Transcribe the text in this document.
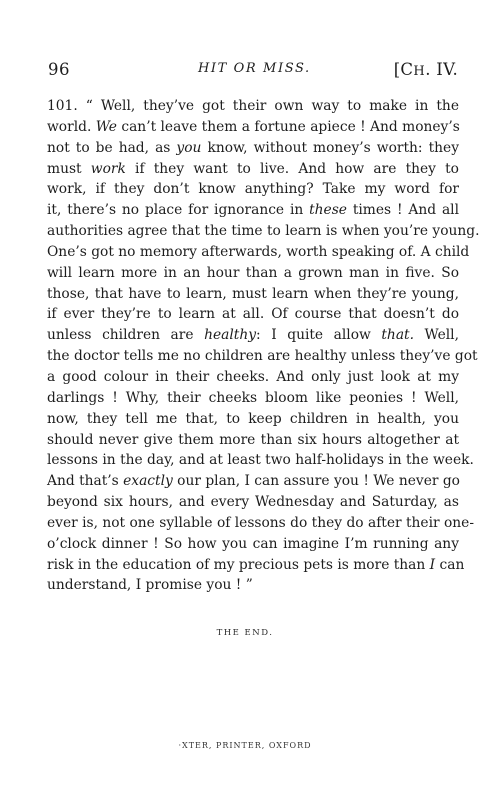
96	HIT OR MISS.	[CH. IV.
101. “ Well, they’ve got their own way to make in the
world. We can’t leave them a fortune apiece ! And money’s
not to be had, as you know, without money’s worth: they
must work if they want to live. And how are they to
work, if they don’t know anything? Take my word for
it, there’s no place for ignorance in these times ! And all
authorities agree that the time to learn is when you’re young.
One’s got no memory afterwards, worth speaking of. A child
will learn more in an hour than a grown man in five. So
those, that have to learn, must learn when they’re young,
if ever they’re to learn at all. Of course that doesn’t do
unless children are healthy: I quite allow that. Well,
the doctor tells me no children are healthy unless they’ve got
a good colour in their cheeks. And only just look at my
darlings ! Why, their cheeks bloom like peonies ! Well,
now, they tell me that, to keep children in health, you
should never give them more than six hours altogether at
lessons in the day, and at least two half-holidays in the week.
And that’s exactly our plan, I can assure you ! We never go
beyond six hours, and every Wednesday and Saturday, as
ever is, not one syllable of lessons do they do after their one-
o’clock dinner ! So how you can imagine I’m running any
risk in the education of my precious pets is more than I can
understand, I promise you ! ”
THE END.
·XTER, PRINTER, OXFORD
